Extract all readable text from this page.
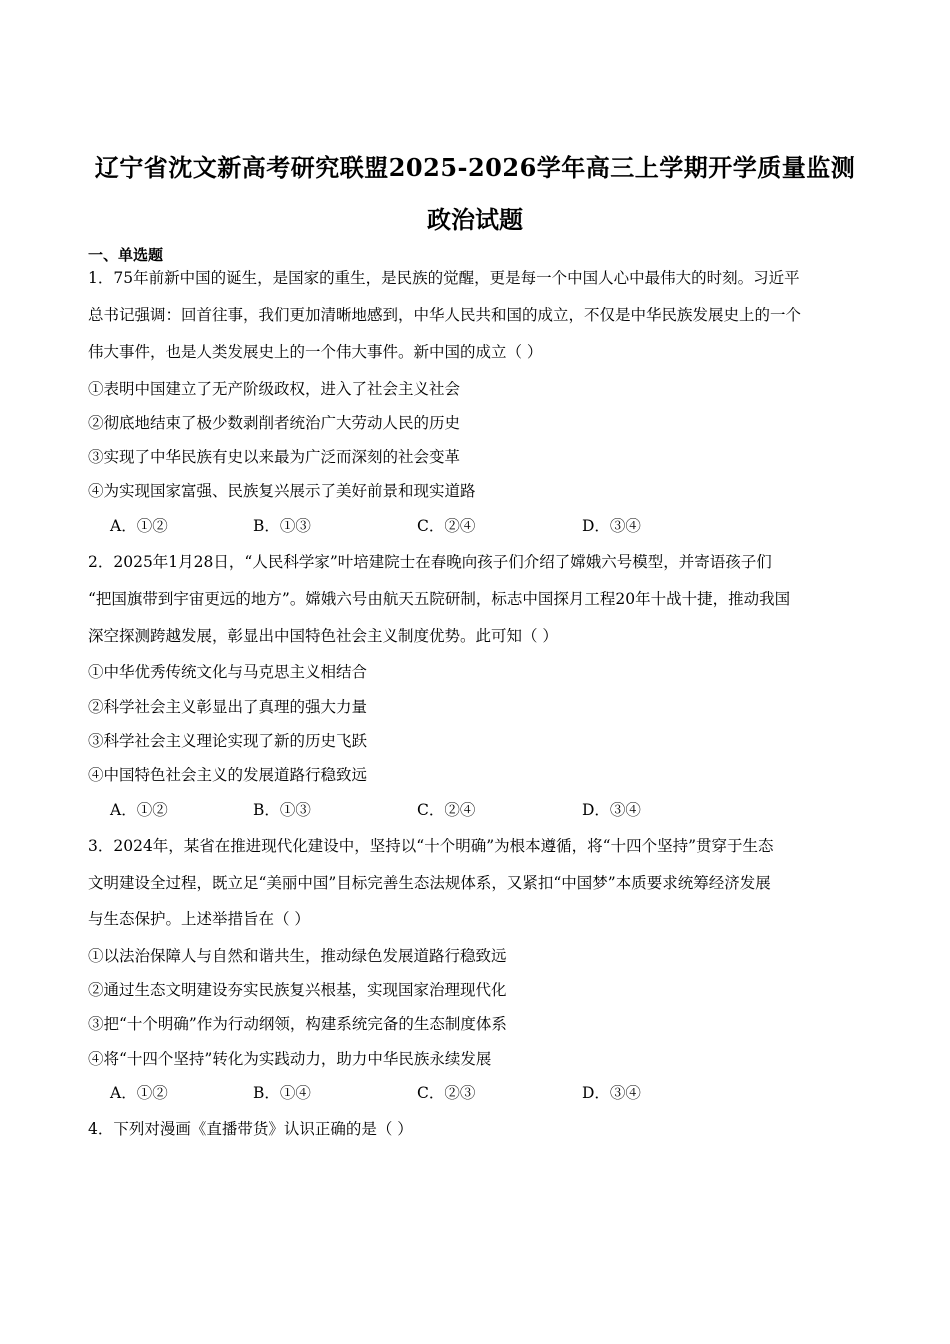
辽宁省沈文新高考研究联盟2025-2026学年高三上学期开学质量监测
政治试题
一、单选题
1．75年前新中国的诞生，是国家的重生，是民族的觉醒，更是每一个中国人心中最伟大的时刻。习近平
总书记强调：回首往事，我们更加清晰地感到，中华人民共和国的成立，不仅是中华民族发展史上的一个
伟大事件，也是人类发展史上的一个伟大事件。新中国的成立（ ）
①表明中国建立了无产阶级政权，进入了社会主义社会
②彻底地结束了极少数剥削者统治广大劳动人民的历史
③实现了中华民族有史以来最为广泛而深刻的社会变革
④为实现国家富强、民族复兴展示了美好前景和现实道路
A．①②	B．①③	C．②④	D．③④
2．2025年1月28日，“人民科学家”叶培建院士在春晚向孩子们介绍了嫦娥六号模型，并寄语孩子们
“把国旗带到宇宙更远的地方”。嫦娥六号由航天五院研制，标志中国探月工程20年十战十捷，推动我国
深空探测跨越发展，彰显出中国特色社会主义制度优势。此可知（ ）
①中华优秀传统文化与马克思主义相结合
②科学社会主义彰显出了真理的强大力量
③科学社会主义理论实现了新的历史飞跃
④中国特色社会主义的发展道路行稳致远
A．①②	B．①③	C．②④	D．③④
3．2024年，某省在推进现代化建设中，坚持以“十个明确”为根本遵循，将“十四个坚持”贯穿于生态
文明建设全过程，既立足“美丽中国”目标完善生态法规体系，又紧扣“中国梦”本质要求统筹经济发展
与生态保护。上述举措旨在（ ）
①以法治保障人与自然和谐共生，推动绿色发展道路行稳致远
②通过生态文明建设夯实民族复兴根基，实现国家治理现代化
③把“十个明确”作为行动纲领，构建系统完备的生态制度体系
④将“十四个坚持”转化为实践动力，助力中华民族永续发展
A．①②	B．①④	C．②③	D．③④
4．下列对漫画《直播带货》认识正确的是（ ）
